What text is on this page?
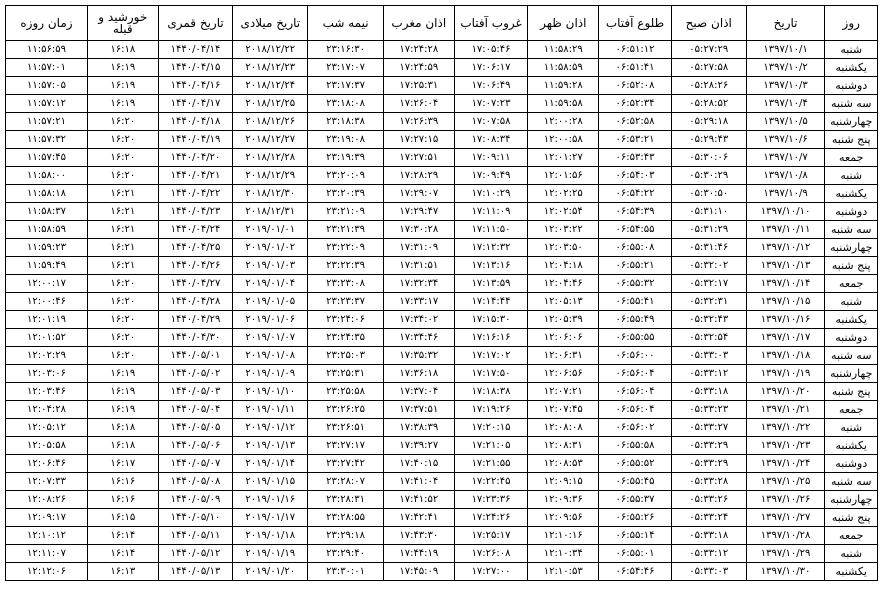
روز	تاریخ	اذان صبح	طلوع آفتاب	اذان ظهر	غروب آفتاب	اذان مغرب	نیمه شب	تاریخ میلادی	تاریخ قمری	خورشید و قبله	زمان روزه
شنبه	۱۳۹۷/۱۰/۱	۰۵:۲۷:۲۹	۰۶:۵۱:۱۲	۱۱:۵۸:۲۹	۱۷:۰۵:۴۶	۱۷:۲۴:۲۸	۲۳:۱۶:۳۰	۲۰۱۸/۱۲/۲۲	۱۴۴۰/۰۴/۱۴	۱۶:۱۸	۱۱:۵۶:۵۹
یکشنبه	۱۳۹۷/۱۰/۲	۰۵:۲۷:۵۸	۰۶:۵۱:۴۱	۱۱:۵۸:۵۹	۱۷:۰۶:۱۷	۱۷:۲۴:۵۹	۲۳:۱۷:۰۷	۲۰۱۸/۱۲/۲۳	۱۴۴۰/۰۴/۱۵	۱۶:۱۹	۱۱:۵۷:۰۱
دوشنبه	۱۳۹۷/۱۰/۳	۰۵:۲۸:۲۶	۰۶:۵۲:۰۸	۱۱:۵۹:۲۸	۱۷:۰۶:۴۹	۱۷:۲۵:۳۱	۲۳:۱۷:۳۷	۲۰۱۸/۱۲/۲۴	۱۴۴۰/۰۴/۱۶	۱۶:۱۹	۱۱:۵۷:۰۵
سه شنبه	۱۳۹۷/۱۰/۴	۰۵:۲۸:۵۲	۰۶:۵۲:۳۴	۱۱:۵۹:۵۸	۱۷:۰۷:۲۳	۱۷:۲۶:۰۴	۲۳:۱۸:۰۸	۲۰۱۸/۱۲/۲۵	۱۴۴۰/۰۴/۱۷	۱۶:۱۹	۱۱:۵۷:۱۲
چهارشنبه	۱۳۹۷/۱۰/۵	۰۵:۲۹:۱۸	۰۶:۵۲:۵۸	۱۲:۰۰:۲۸	۱۷:۰۷:۵۸	۱۷:۲۶:۳۹	۲۳:۱۸:۳۸	۲۰۱۸/۱۲/۲۶	۱۴۴۰/۰۴/۱۸	۱۶:۲۰	۱۱:۵۷:۲۱
پنج شنبه	۱۳۹۷/۱۰/۶	۰۵:۲۹:۴۳	۰۶:۵۳:۲۱	۱۲:۰۰:۵۸	۱۷:۰۸:۳۴	۱۷:۲۷:۱۵	۲۳:۱۹:۰۸	۲۰۱۸/۱۲/۲۷	۱۴۴۰/۰۴/۱۹	۱۶:۲۰	۱۱:۵۷:۳۲
جمعه	۱۳۹۷/۱۰/۷	۰۵:۳۰:۰۶	۰۶:۵۳:۴۳	۱۲:۰۱:۲۷	۱۷:۰۹:۱۱	۱۷:۲۷:۵۱	۲۳:۱۹:۳۹	۲۰۱۸/۱۲/۲۸	۱۴۴۰/۰۴/۲۰	۱۶:۲۰	۱۱:۵۷:۴۵
شنبه	۱۳۹۷/۱۰/۸	۰۵:۳۰:۲۹	۰۶:۵۴:۰۳	۱۲:۰۱:۵۶	۱۷:۰۹:۴۹	۱۷:۲۸:۲۹	۲۳:۲۰:۰۹	۲۰۱۸/۱۲/۲۹	۱۴۴۰/۰۴/۲۱	۱۶:۲۰	۱۱:۵۸:۰۰
یکشنبه	۱۳۹۷/۱۰/۹	۰۵:۳۰:۵۰	۰۶:۵۴:۲۲	۱۲:۰۲:۲۵	۱۷:۱۰:۲۹	۱۷:۲۹:۰۷	۲۳:۲۰:۳۹	۲۰۱۸/۱۲/۳۰	۱۴۴۰/۰۴/۲۲	۱۶:۲۱	۱۱:۵۸:۱۸
دوشنبه	۱۳۹۷/۱۰/۱۰	۰۵:۳۱:۱۰	۰۶:۵۴:۳۹	۱۲:۰۲:۵۴	۱۷:۱۱:۰۹	۱۷:۲۹:۴۷	۲۳:۲۱:۰۹	۲۰۱۸/۱۲/۳۱	۱۴۴۰/۰۴/۲۳	۱۶:۲۱	۱۱:۵۸:۳۷
سه شنبه	۱۳۹۷/۱۰/۱۱	۰۵:۳۱:۲۹	۰۶:۵۴:۵۵	۱۲:۰۳:۲۲	۱۷:۱۱:۵۰	۱۷:۳۰:۲۸	۲۳:۲۱:۳۹	۲۰۱۹/۰۱/۰۱	۱۴۴۰/۰۴/۲۴	۱۶:۲۱	۱۱:۵۸:۵۹
چهارشنبه	۱۳۹۷/۱۰/۱۲	۰۵:۳۱:۴۶	۰۶:۵۵:۰۸	۱۲:۰۳:۵۰	۱۷:۱۲:۳۲	۱۷:۳۱:۰۹	۲۳:۲۲:۰۹	۲۰۱۹/۰۱/۰۲	۱۴۴۰/۰۴/۲۵	۱۶:۲۱	۱۱:۵۹:۲۳
پنج شنبه	۱۳۹۷/۱۰/۱۳	۰۵:۳۲:۰۲	۰۶:۵۵:۲۱	۱۲:۰۴:۱۸	۱۷:۱۳:۱۶	۱۷:۳۱:۵۱	۲۳:۲۲:۳۹	۲۰۱۹/۰۱/۰۳	۱۴۴۰/۰۴/۲۶	۱۶:۲۱	۱۱:۵۹:۴۹
جمعه	۱۳۹۷/۱۰/۱۴	۰۵:۳۲:۱۷	۰۶:۵۵:۳۲	۱۲:۰۴:۴۶	۱۷:۱۳:۵۹	۱۷:۳۲:۳۴	۲۳:۲۳:۰۸	۲۰۱۹/۰۱/۰۴	۱۴۴۰/۰۴/۲۷	۱۶:۲۰	۱۲:۰۰:۱۷
شنبه	۱۳۹۷/۱۰/۱۵	۰۵:۳۲:۳۱	۰۶:۵۵:۴۱	۱۲:۰۵:۱۳	۱۷:۱۴:۴۴	۱۷:۳۳:۱۷	۲۳:۲۳:۳۷	۲۰۱۹/۰۱/۰۵	۱۴۴۰/۰۴/۲۸	۱۶:۲۰	۱۲:۰۰:۴۶
یکشنبه	۱۳۹۷/۱۰/۱۶	۰۵:۳۲:۴۳	۰۶:۵۵:۴۹	۱۲:۰۵:۳۹	۱۷:۱۵:۳۰	۱۷:۳۴:۰۲	۲۳:۲۴:۰۶	۲۰۱۹/۰۱/۰۶	۱۴۴۰/۰۴/۲۹	۱۶:۲۰	۱۲:۰۱:۱۹
دوشنبه	۱۳۹۷/۱۰/۱۷	۰۵:۳۲:۵۴	۰۶:۵۵:۵۵	۱۲:۰۶:۰۶	۱۷:۱۶:۱۶	۱۷:۳۴:۴۶	۲۳:۲۴:۳۵	۲۰۱۹/۰۱/۰۷	۱۴۴۰/۰۴/۳۰	۱۶:۲۰	۱۲:۰۱:۵۲
سه شنبه	۱۳۹۷/۱۰/۱۸	۰۵:۳۳:۰۳	۰۶:۵۶:۰۰	۱۲:۰۶:۳۱	۱۷:۱۷:۰۲	۱۷:۳۵:۳۲	۲۳:۲۵:۰۳	۲۰۱۹/۰۱/۰۸	۱۴۴۰/۰۵/۰۱	۱۶:۲۰	۱۲:۰۲:۲۹
چهارشنبه	۱۳۹۷/۱۰/۱۹	۰۵:۳۳:۱۲	۰۶:۵۶:۰۴	۱۲:۰۶:۵۶	۱۷:۱۷:۵۰	۱۷:۳۶:۱۸	۲۳:۲۵:۳۱	۲۰۱۹/۰۱/۰۹	۱۴۴۰/۰۵/۰۲	۱۶:۱۹	۱۲:۰۳:۰۶
پنج شنبه	۱۳۹۷/۱۰/۲۰	۰۵:۳۳:۱۸	۰۶:۵۶:۰۴	۱۲:۰۷:۲۱	۱۷:۱۸:۳۸	۱۷:۳۷:۰۴	۲۳:۲۵:۵۸	۲۰۱۹/۰۱/۱۰	۱۴۴۰/۰۵/۰۳	۱۶:۱۹	۱۲:۰۳:۴۶
جمعه	۱۳۹۷/۱۰/۲۱	۰۵:۳۳:۲۳	۰۶:۵۶:۰۴	۱۲:۰۷:۴۵	۱۷:۱۹:۲۶	۱۷:۳۷:۵۱	۲۳:۲۶:۲۵	۲۰۱۹/۰۱/۱۱	۱۴۴۰/۰۵/۰۴	۱۶:۱۹	۱۲:۰۴:۲۸
شنبه	۱۳۹۷/۱۰/۲۲	۰۵:۳۳:۲۷	۰۶:۵۶:۰۲	۱۲:۰۸:۰۸	۱۷:۲۰:۱۵	۱۷:۳۸:۳۹	۲۳:۲۶:۵۱	۲۰۱۹/۰۱/۱۲	۱۴۴۰/۰۵/۰۵	۱۶:۱۸	۱۲:۰۵:۱۲
یکشنبه	۱۳۹۷/۱۰/۲۳	۰۵:۳۳:۲۹	۰۶:۵۵:۵۸	۱۲:۰۸:۳۱	۱۷:۲۱:۰۵	۱۷:۳۹:۲۷	۲۳:۲۷:۱۷	۲۰۱۹/۰۱/۱۳	۱۴۴۰/۰۵/۰۶	۱۶:۱۸	۱۲:۰۵:۵۸
دوشنبه	۱۳۹۷/۱۰/۲۴	۰۵:۳۳:۲۹	۰۶:۵۵:۵۲	۱۲:۰۸:۵۳	۱۷:۲۱:۵۵	۱۷:۴۰:۱۵	۲۳:۲۷:۴۲	۲۰۱۹/۰۱/۱۴	۱۴۴۰/۰۵/۰۷	۱۶:۱۷	۱۲:۰۶:۴۶
سه شنبه	۱۳۹۷/۱۰/۲۵	۰۵:۳۳:۲۸	۰۶:۵۵:۴۵	۱۲:۰۹:۱۵	۱۷:۲۲:۴۵	۱۷:۴۱:۰۴	۲۳:۲۸:۰۷	۲۰۱۹/۰۱/۱۵	۱۴۴۰/۰۵/۰۸	۱۶:۱۶	۱۲:۰۷:۳۳
چهارشنبه	۱۳۹۷/۱۰/۲۶	۰۵:۳۳:۲۶	۰۶:۵۵:۳۷	۱۲:۰۹:۳۶	۱۷:۲۳:۳۶	۱۷:۴۱:۵۲	۲۳:۲۸:۳۱	۲۰۱۹/۰۱/۱۶	۱۴۴۰/۰۵/۰۹	۱۶:۱۶	۱۲:۰۸:۲۶
پنج شنبه	۱۳۹۷/۱۰/۲۷	۰۵:۳۳:۲۴	۰۶:۵۵:۲۶	۱۲:۰۹:۵۶	۱۷:۲۴:۲۶	۱۷:۴۲:۴۱	۲۳:۲۸:۵۵	۲۰۱۹/۰۱/۱۷	۱۴۴۰/۰۵/۱۰	۱۶:۱۵	۱۲:۰۹:۱۷
جمعه	۱۳۹۷/۱۰/۲۸	۰۵:۳۳:۱۸	۰۶:۵۵:۱۴	۱۲:۱۰:۱۶	۱۷:۲۵:۱۷	۱۷:۴۳:۳۰	۲۳:۲۹:۱۸	۲۰۱۹/۰۱/۱۸	۱۴۴۰/۰۵/۱۱	۱۶:۱۴	۱۲:۱۰:۱۲
شنبه	۱۳۹۷/۱۰/۲۹	۰۵:۳۳:۱۲	۰۶:۵۵:۰۱	۱۲:۱۰:۳۴	۱۷:۲۶:۰۸	۱۷:۴۴:۱۹	۲۳:۲۹:۴۰	۲۰۱۹/۰۱/۱۹	۱۴۴۰/۰۵/۱۲	۱۶:۱۴	۱۲:۱۱:۰۷
یکشنبه	۱۳۹۷/۱۰/۳۰	۰۵:۳۳:۰۳	۰۶:۵۴:۴۶	۱۲:۱۰:۵۳	۱۷:۲۷:۰۰	۱۷:۴۵:۰۹	۲۳:۳۰:۰۱	۲۰۱۹/۰۱/۲۰	۱۴۴۰/۰۵/۱۳	۱۶:۱۳	۱۲:۱۲:۰۶
